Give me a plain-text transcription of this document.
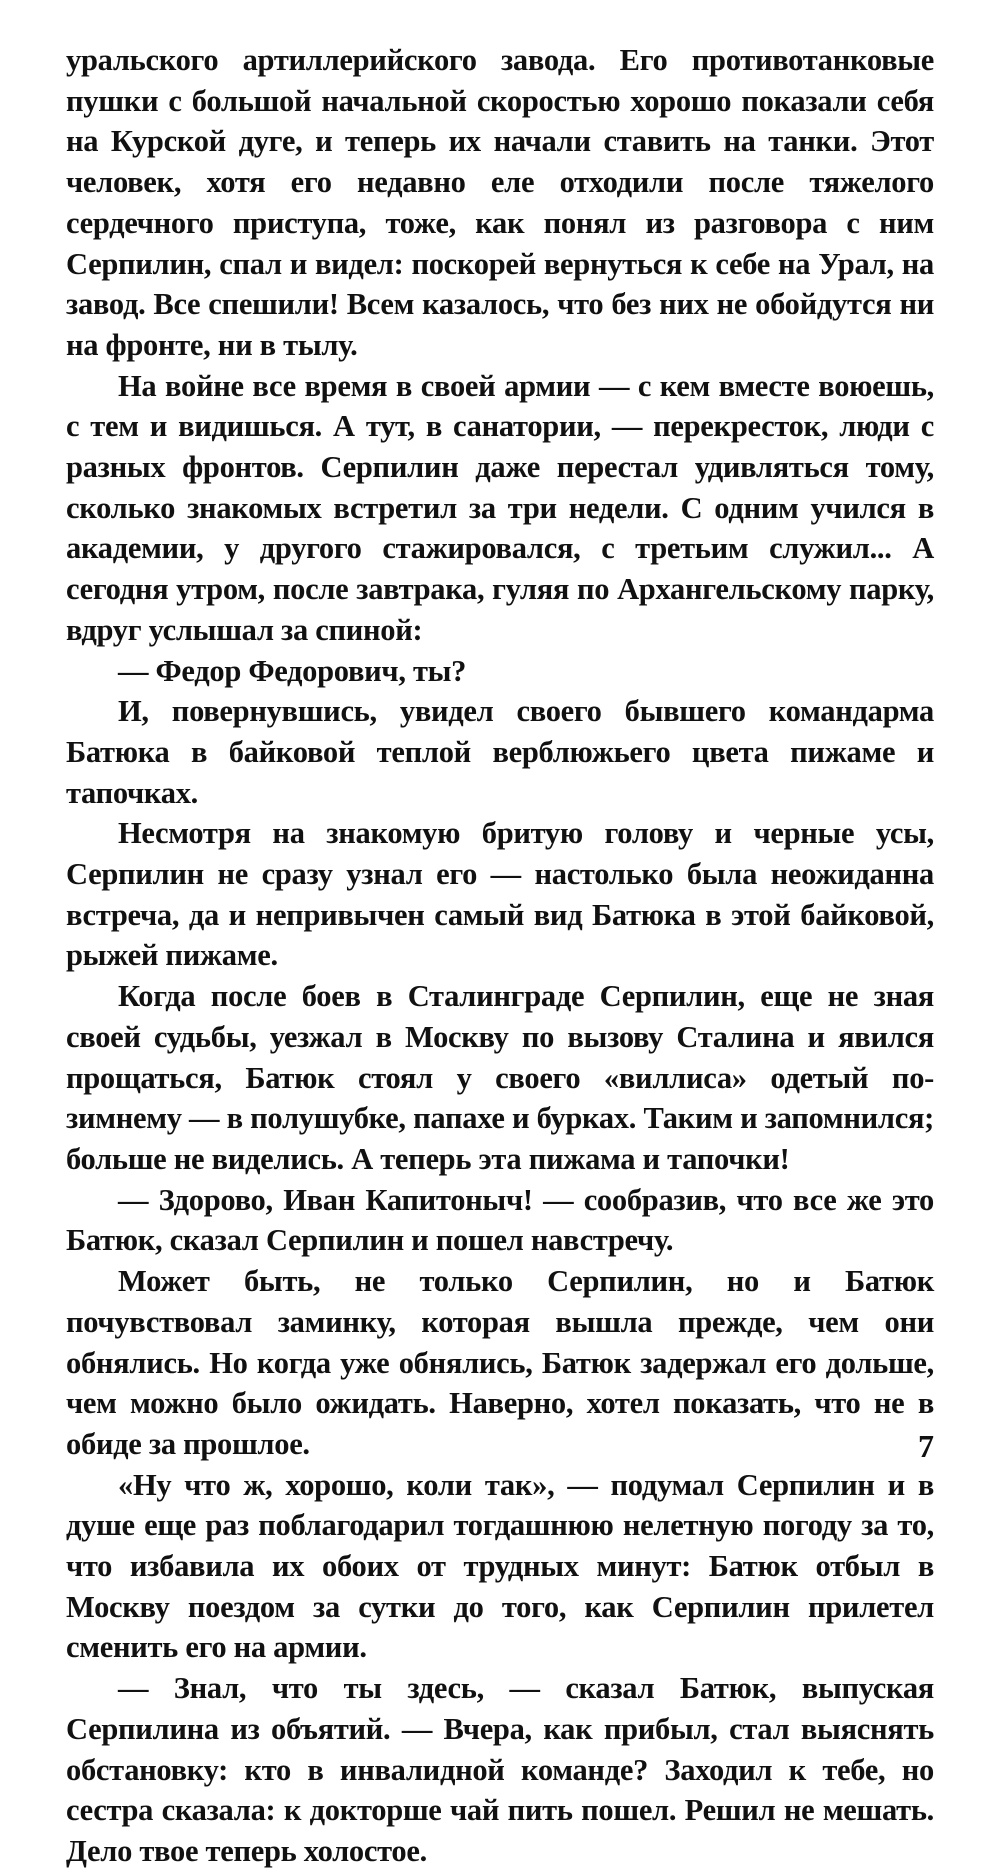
уральского артиллерийского завода. Его противотанковые пушки с большой начальной скоростью хорошо показали себя на Курской дуге, и теперь их начали ставить на танки. Этот человек, хотя его недавно еле отходили после тяжелого сердечного приступа, тоже, как понял из разговора с ним Серпилин, спал и видел: поскорей вернуться к себе на Урал, на завод. Все спешили! Всем казалось, что без них не обойдутся ни на фронте, ни в тылу.

На войне все время в своей армии — с кем вместе воюешь, с тем и видишься. А тут, в санатории, — перекресток, люди с разных фронтов. Серпилин даже перестал удивляться тому, сколько знакомых встретил за три недели. С одним учился в академии, у другого стажировался, с третьим служил... А сегодня утром, после завтрака, гуляя по Архангельскому парку, вдруг услышал за спиной:

— Федор Федорович, ты?

И, повернувшись, увидел своего бывшего командарма Батюка в байковой теплой верблюжьего цвета пижаме и тапочках.

Несмотря на знакомую бритую голову и черные усы, Серпилин не сразу узнал его — настолько была неожиданна встреча, да и непривычен самый вид Батюка в этой байковой, рыжей пижаме.

Когда после боев в Сталинграде Серпилин, еще не зная своей судьбы, уезжал в Москву по вызову Сталина и явился прощаться, Батюк стоял у своего «виллиса» одетый по-зимнему — в полушубке, папахе и бурках. Таким и запомнился; больше не виделись. А теперь эта пижама и тапочки!

— Здорово, Иван Капитоныч! — сообразив, что все же это Батюк, сказал Серпилин и пошел навстречу.

Может быть, не только Серпилин, но и Батюк почувствовал заминку, которая вышла прежде, чем они обнялись. Но когда уже обнялись, Батюк задержал его дольше, чем можно было ожидать. Наверно, хотел показать, что не в обиде за прошлое.

«Ну что ж, хорошо, коли так», — подумал Серпилин и в душе еще раз поблагодарил тогдашнюю нелетную погоду за то, что избавила их обоих от трудных минут: Батюк отбыл в Москву поездом за сутки до того, как Серпилин прилетел сменить его на армии.

— Знал, что ты здесь, — сказал Батюк, выпуская Серпилина из объятий. — Вчера, как прибыл, стал выяснять обстановку: кто в инвалидной команде? Заходил к тебе, но сестра сказала: к докторше чай пить пошел. Решил не мешать. Дело твое теперь холостое.

7
